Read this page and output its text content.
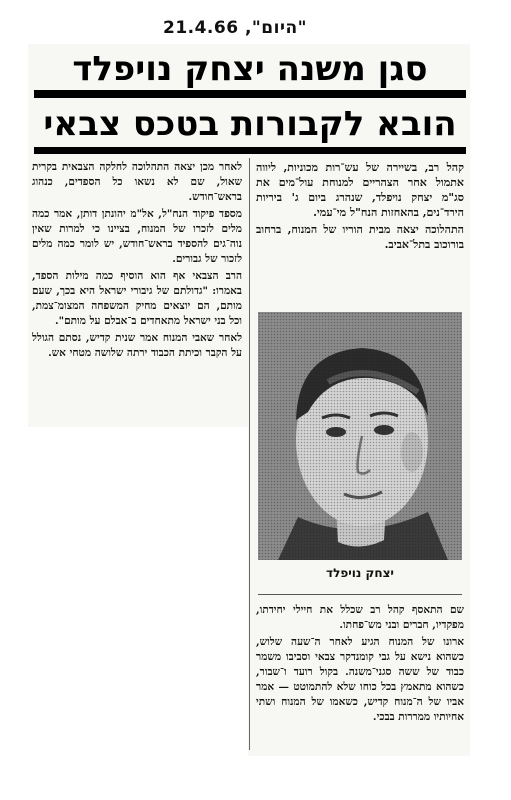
"היום", 21.4.66
סגן משנה יצחק נויפלד
הובא לקבורות בטכס צבאי

קהל רב, בשיירה של עש־רות מכוניות, ליווה אתמול אחר הצהריים למנוחת עול־מים את סג"מ יצחק נויפלד, שנהרג ביום ג' ביריות הירד־נים, בהאחזות הנח"ל מי־עמי.

התהלוכה יצאה מבית הוריו של המנוח, ברחוב בורוכוב בתל־אביב.

לאחר מכן יצאה התהלוכה לחלקה הצבאית בקרית שאול, שם לא נשאו כל הספדים, כנהוג בראש־חודש.

מספד פיקוד הנח"ל, אל"מ יהונתן דותן, אמר כמה מלים לזכרו של המנוח, בציינו כי למרות שאין נוה־גים להספיד בראש־חודש, יש לומר כמה מלים לזכור של גבורים.

הרב הצבאי אף הוא הוסיף כמה מילות הספד, באמרו: "גדולתם של גיבורי ישראל היא בכך, שעם מותם, הם יוצאים מחיק המשפחה המצומ־צמת, וכל בני ישראל מתאחדים ב־אבלם על מותם".

לאחר שאבי המנוח אמר שנית קדיש, נסתם הגולל על הקבר וכיתת הכבוד ירתה שלושה מטחי אש.

יצחק נויפלד

שם התאסף קהל רב שכלל את חיילי יחידתו, מפקדיו, חברים ובני מש־פחתו.

ארונו של המנוח הגיע לאחר ה־שעה שלוש, כשהוא נישא על גבי קומנדקר צבאי וסביבו משמר כבוד של ששה סגני־משנה. בקול רועד ו־שבור, כשהוא מתאמץ בכל כוחו שלא להתמוטט — אמר אביו של ה־מנוח קדיש, כשאמו של המנוח ושתי אחיותיו ממררות בבכי.
